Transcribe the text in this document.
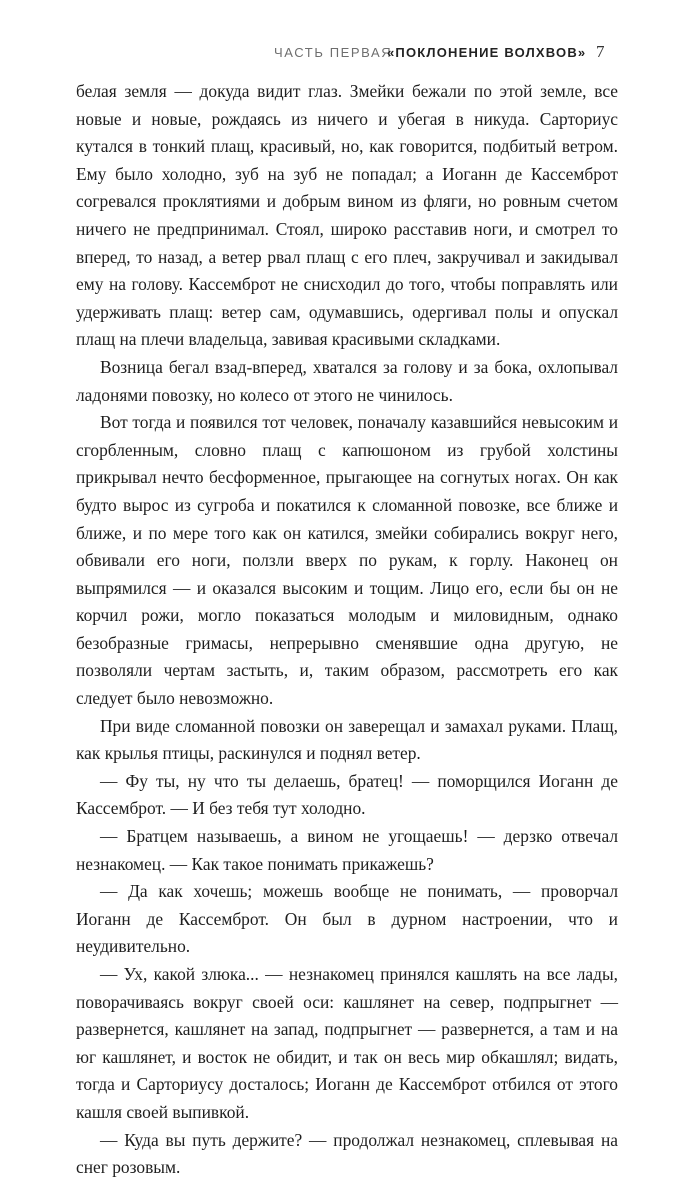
ЧАСТЬ ПЕРВАЯ
«ПОКЛОНЕНИЕ ВОЛХВОВ» 7

белая земля — докуда видит глаз. Змейки бежали по этой земле, все новые и новые, рождаясь из ничего и убегая в никуда. Сарториус кутался в тонкий плащ, красивый, но, как говорится, подбитый ветром. Ему было холодно, зуб на зуб не попадал; а Иоганн де Кассемброт согревался проклятиями и добрым вином из фляги, но ровным счетом ничего не предпринимал. Стоял, широко расставив ноги, и смотрел то вперед, то назад, а ветер рвал плащ с его плеч, закручивал и закидывал ему на голову. Кассемброт не снисходил до того, чтобы поправлять или удерживать плащ: ветер сам, одумавшись, одергивал полы и опускал плащ на плечи владельца, завивая красивыми складками.

Возница бегал взад-вперед, хватался за голову и за бока, охлопывал ладонями повозку, но колесо от этого не чинилось.

Вот тогда и появился тот человек, поначалу казавшийся невысоким и сгорбленным, словно плащ с капюшоном из грубой холстины прикрывал нечто бесформенное, прыгающее на согнутых ногах. Он как будто вырос из сугроба и покатился к сломанной повозке, все ближе и ближе, и по мере того как он катился, змейки собирались вокруг него, обвивали его ноги, ползли вверх по рукам, к горлу. Наконец он выпрямился — и оказался высоким и тощим. Лицо его, если бы он не корчил рожи, могло показаться молодым и миловидным, однако безобразные гримасы, непрерывно сменявшие одна другую, не позволяли чертам застыть, и, таким образом, рассмотреть его как следует было невозможно.

При виде сломанной повозки он заверещал и замахал руками. Плащ, как крылья птицы, раскинулся и поднял ветер.

— Фу ты, ну что ты делаешь, братец! — поморщился Иоганн де Кассемброт. — И без тебя тут холодно.

— Братцем называешь, а вином не угощаешь! — дерзко отвечал незнакомец. — Как такое понимать прикажешь?

— Да как хочешь; можешь вообще не понимать, — проворчал Иоганн де Кассемброт. Он был в дурном настроении, что и неудивительно.

— Ух, какой злюка... — незнакомец принялся кашлять на все лады, поворачиваясь вокруг своей оси: кашлянет на север, подпрыгнет — развернется, кашлянет на запад, подпрыгнет — развернется, а там и на юг кашлянет, и восток не обидит, и так он весь мир обкашлял; видать, тогда и Сарториусу досталось; Иоганн де Кассемброт отбился от этого кашля своей выпивкой.

— Куда вы путь держите? — продолжал незнакомец, сплевывая на снег розовым.
